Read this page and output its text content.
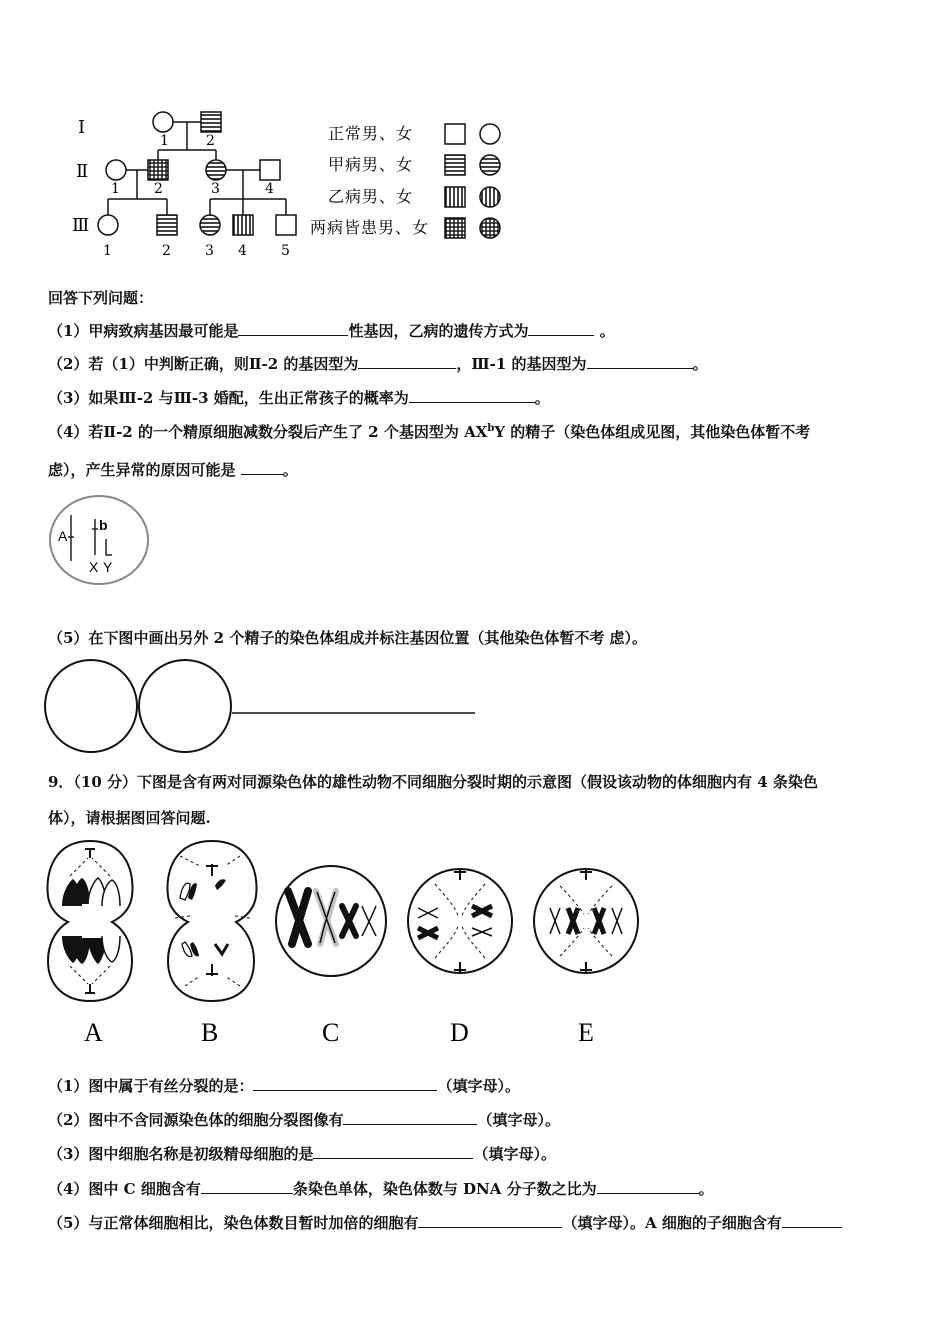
Ⅰ
Ⅱ
Ⅲ
1	2
1 2	3	4
1	2 3 4 5
正常男、女
甲病男、女
乙病男、女
两病皆患男、女
回答下列问题：
（1）甲病致病基因最可能是	性基因，乙病的遗传方式为	。
（2）若（1）中判断正确，则Ⅱ-2 的基因型为	，Ⅲ-1 的基因型为	。
（3）如果Ⅲ-2 与Ⅲ-3 婚配，生出正常孩子的概率为	。
（4）若Ⅱ-2 的一个精原细胞减数分裂后产生了 2 个基因型为 $AX^bY$ 的精子（染色体组成见图，其他染色体暂不考
虑），产生异常的原因可能是	。
A
b
X Y
（5）在下图中画出另外 2 个精子的染色体组成并标注基因位置（其他染色体暂不考 虑）。
9．（10 分）下图是含有两对同源染色体的雄性动物不同细胞分裂时期的示意图（假设该动物的体细胞内有 4 条染色
体），请根据图回答问题.
A	B	C	D	E
（1）图中属于有丝分裂的是：	（填字母）。
（2）图中不含同源染色体的细胞分裂图像有	（填字母）。
（3）图中细胞名称是初级精母细胞的是	（填字母）。
（4）图中 C 细胞含有	条染色单体，染色体数与 DNA 分子数之比为	。
（5）与正常体细胞相比，染色体数目暂时加倍的细胞有	（填字母）。A 细胞的子细胞含有
